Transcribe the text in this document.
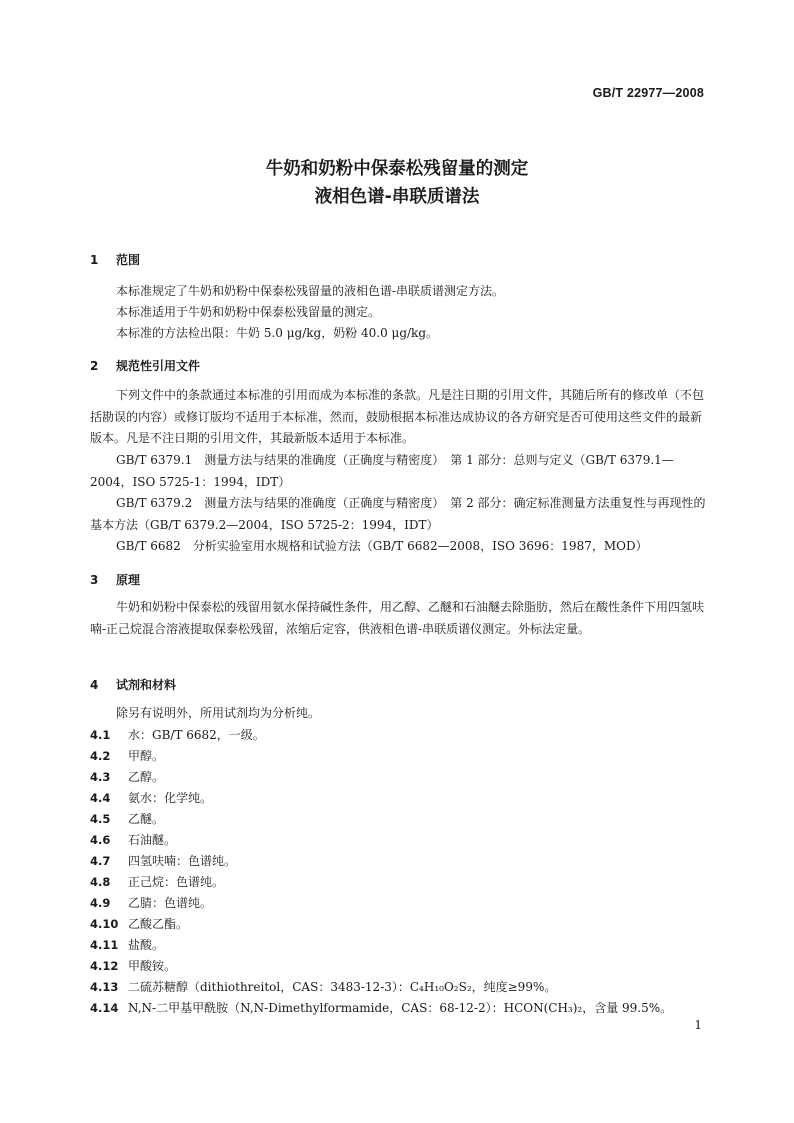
GB/T 22977—2008
牛奶和奶粉中保泰松残留量的测定
液相色谱-串联质谱法
1 范围
本标准规定了牛奶和奶粉中保泰松残留量的液相色谱-串联质谱测定方法。
本标准适用于牛奶和奶粉中保泰松残留量的测定。
本标准的方法检出限：牛奶 5.0 μg/kg，奶粉 40.0 μg/kg。
2 规范性引用文件
下列文件中的条款通过本标准的引用而成为本标准的条款。凡是注日期的引用文件，其随后所有的修改单（不包括勘误的内容）或修订版均不适用于本标准，然而，鼓励根据本标准达成协议的各方研究是否可使用这些文件的最新版本。凡是不注日期的引用文件，其最新版本适用于本标准。
GB/T 6379.1　测量方法与结果的准确度（正确度与精密度）　第 1 部分：总则与定义（GB/T 6379.1—2004，ISO 5725-1：1994，IDT）
GB/T 6379.2　测量方法与结果的准确度（正确度与精密度）　第 2 部分：确定标准测量方法重复性与再现性的基本方法（GB/T 6379.2—2004，ISO 5725-2：1994，IDT）
GB/T 6682　分析实验室用水规格和试验方法（GB/T 6682—2008，ISO 3696：1987，MOD）
3 原理
牛奶和奶粉中保泰松的残留用氨水保持碱性条件，用乙醇、乙醚和石油醚去除脂肪，然后在酸性条件下用四氢呋喃-正己烷混合溶液提取保泰松残留，浓缩后定容，供液相色谱-串联质谱仪测定。外标法定量。
4 试剂和材料
除另有说明外，所用试剂均为分析纯。
4.1 水：GB/T 6682，一级。
4.2 甲醇。
4.3 乙醇。
4.4 氨水：化学纯。
4.5 乙醚。
4.6 石油醚。
4.7 四氢呋喃：色谱纯。
4.8 正己烷：色谱纯。
4.9 乙腈：色谱纯。
4.10 乙酸乙酯。
4.11 盐酸。
4.12 甲酸铵。
4.13 二硫苏糖醇（dithiothreitol，CAS：3483-12-3）：C₄H₁₀O₂S₂，纯度≥99%。
4.14 N,N-二甲基甲酰胺（N,N-Dimethylformamide，CAS：68-12-2）：HCON(CH₃)₂，含量 99.5%。
1
